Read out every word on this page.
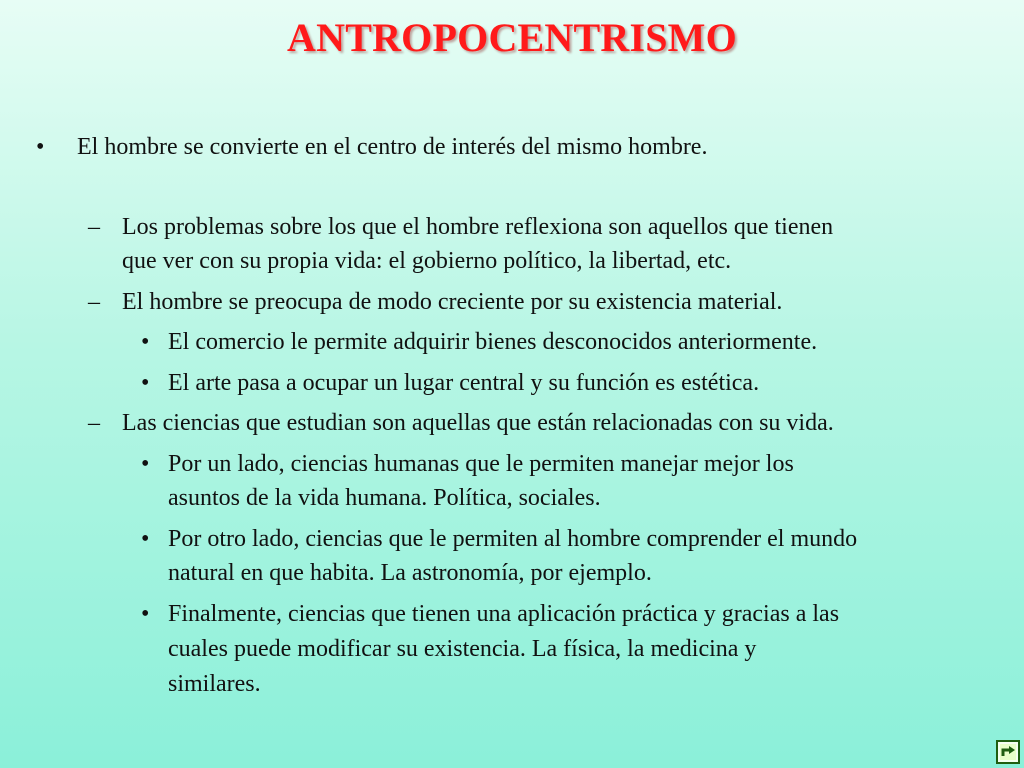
ANTROPOCENTRISMO
• El hombre se convierte en el centro de interés del mismo hombre.
– Los problemas sobre los que el hombre reflexiona son aquellos que tienen
que ver con su propia vida: el gobierno político, la libertad, etc.
– El hombre se preocupa de modo creciente por su existencia material.
• El comercio le permite adquirir bienes desconocidos anteriormente.
• El arte pasa a ocupar un lugar central y su función es estética.
– Las ciencias que estudian son aquellas que están relacionadas con su vida.
• Por un lado, ciencias humanas que le permiten manejar mejor los
asuntos de la vida humana. Política, sociales.
• Por otro lado, ciencias que le permiten al hombre comprender el mundo
natural en que habita. La astronomía, por ejemplo.
• Finalmente, ciencias que tienen una aplicación práctica y gracias a las
cuales puede modificar su existencia. La física, la medicina y
similares.
